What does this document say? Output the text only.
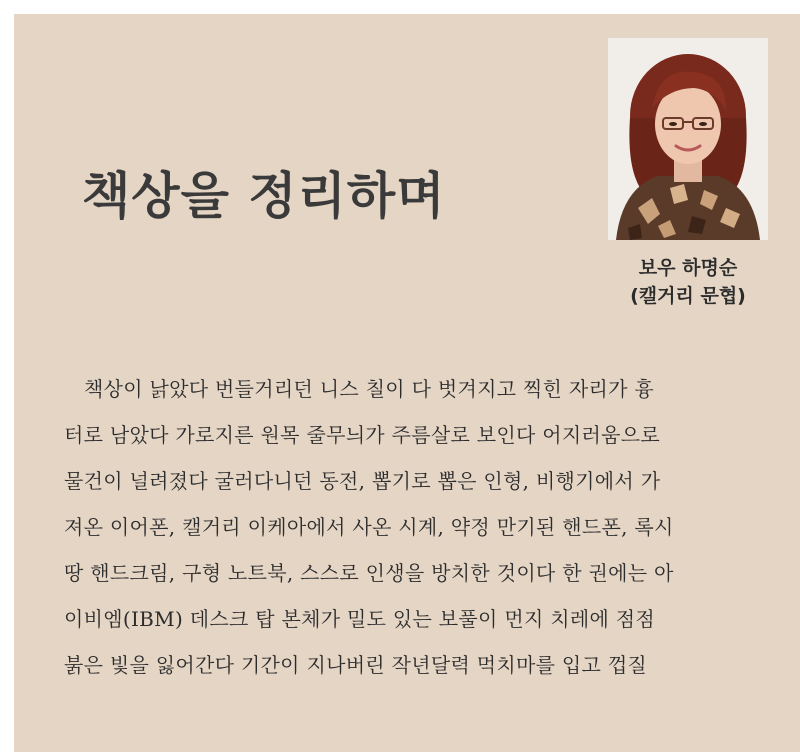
책상을 정리하며
보우 하명순
(캘거리 문협)
책상이 낡았다 번들거리던 니스 칠이 다 벗겨지고 찍힌 자리가 흉
터로 남았다 가로지른 원목 줄무늬가 주름살로 보인다 어지러움으로
물건이 널려졌다 굴러다니던 동전, 뽑기로 뽑은 인형, 비행기에서 가
져온 이어폰, 캘거리 이케아에서 사온 시계, 약정 만기된 핸드폰, 록시
땅 핸드크림, 구형 노트북, 스스로 인생을 방치한 것이다 한 권에는 아
이비엠(IBM) 데스크 탑 본체가 밀도 있는 보풀이 먼지 치레에 점점
붉은 빛을 잃어간다 기간이 지나버린 작년달력 먹치마를 입고 껍질
